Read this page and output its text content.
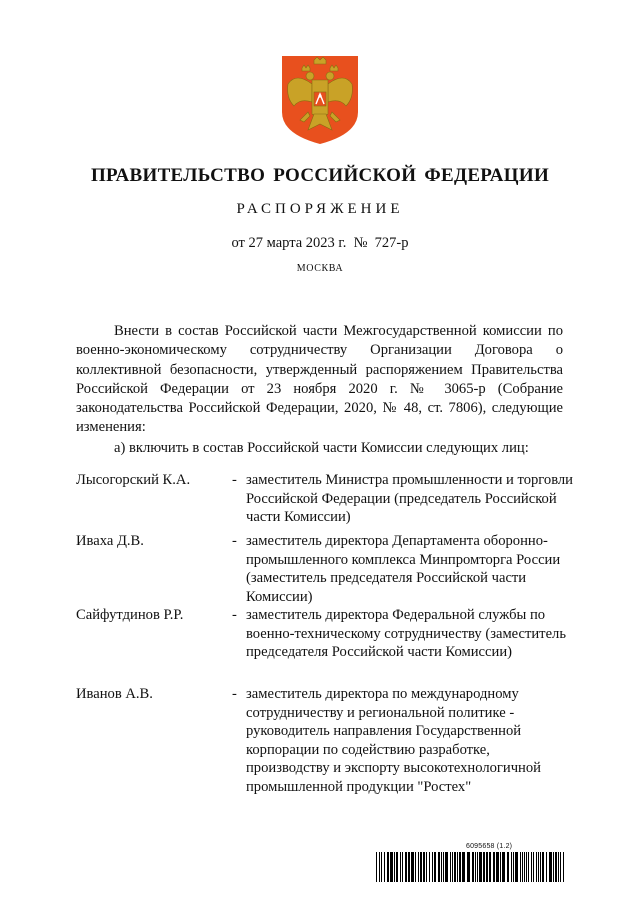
ПРАВИТЕЛЬСТВО РОССИЙСКОЙ ФЕДЕРАЦИИ
РАСПОРЯЖЕНИЕ
от 27 марта 2023 г.  №  727-р
МОСКВА

Внести в состав Российской части Межгосударственной комиссии по военно-экономическому сотрудничеству Организации Договора о коллективной безопасности, утвержденный распоряжением Правительства Российской Федерации от 23 ноября 2020 г. № 3065-р (Собрание законодательства Российской Федерации, 2020, № 48, ст. 7806), следующие изменения:

а) включить в состав Российской части Комиссии следующих лиц:
Лысогорский К.А.	- заместитель Министра промышленности и торговли Российской Федерации (председатель Российской части Комиссии)
Иваха Д.В.	- заместитель директора Департамента оборонно-промышленного комплекса Минпромторга России (заместитель председателя Российской части Комиссии)
Сайфутдинов Р.Р.	- заместитель директора Федеральной службы по военно-техническому сотрудничеству (заместитель председателя Российской части Комиссии)
Иванов А.В.	- заместитель директора по международному сотрудничеству и региональной политике - руководитель направления Государственной корпорации по содействию разработке, производству и экспорту высокотехнологичной промышленной продукции "Ростех"
6095658 (1.2)
